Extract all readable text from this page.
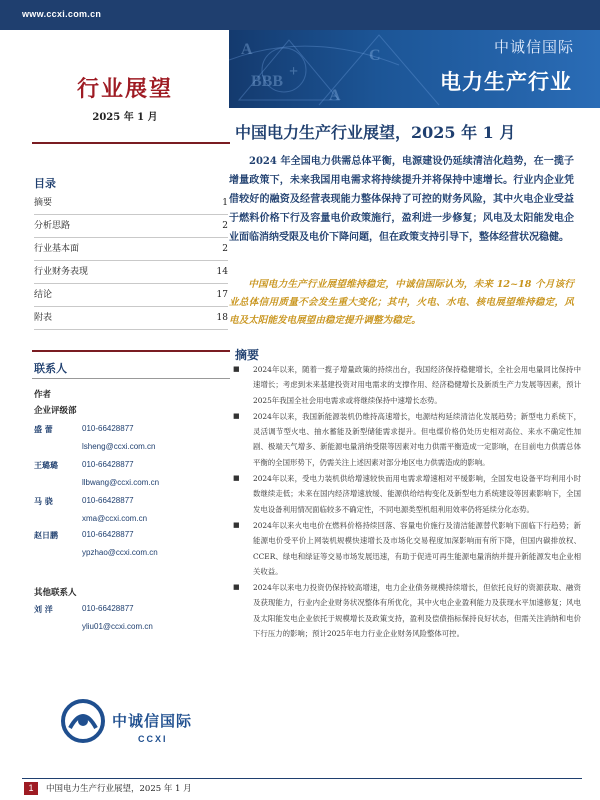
www.ccxi.com.cn
A
+
BBB
A
C	中诚信国际
电力生产行业
行业展望
2025 年 1 月
目录
摘要	1
分析思路	2
行业基本面	2
行业财务表现	14
结论	17
附表	18
联系人
作者
企业评级部
盛 蕾	010-66428877
lsheng@ccxi.com.cn
王璐璐	010-66428877
llbwang@ccxi.com.cn
马 骁	010-66428877
xma@ccxi.com.cn
赵日鹏	010-66428877
ypzhao@ccxi.com.cn
其他联系人
刘 洋	010-66428877
yliu01@ccxi.com.cn
中诚信国际
CCXI
中国电力生产行业展望，2025 年 1 月

2024 年全国电力供需总体平衡，电源建设仍延续清洁化趋势，在一揽子增量政策下，未来我国用电需求将持续提升并将保持中速增长。行业内企业凭借较好的融资及经营表现能力整体保持了可控的财务风险，其中火电企业受益于燃料价格下行及容量电价政策施行，盈利进一步修复；风电及太阳能发电企业面临消纳受限及电价下降问题，但在政策支持引导下，整体经营状况稳健。

中国电力生产行业展望维持稳定，中诚信国际认为，未来 12~18 个月该行业总体信用质量不会发生重大变化；其中，火电、水电、核电展望维持稳定，风电及太阳能发电展望由稳定提升调整为稳定。

摘要

■ 2024年以来，随着一揽子增量政策的持续出台，我国经济保持稳健增长，全社会用电量同比保持中速增长；考虑到未来基建投资对用电需求的支撑作用、经济稳健增长及新质生产力发展等因素，预计2025年我国全社会用电需求或将继续保持中速增长态势。

■ 2024年以来，我国新能源装机仍维持高速增长，电源结构延续清洁化发展趋势；新型电力系统下，灵活调节型火电、抽水蓄能及新型储能需求提升。但电煤价格仍处历史相对高位、来水不确定性加剧、极端天气增多、新能源电量消纳受限等因素对电力供需平衡造成一定影响，在目前电力供需总体平衡的全国形势下，仍需关注上述因素对部分地区电力供需造成的影响。

■ 2024年以来，受电力装机供给增速较快而用电需求增速相对平缓影响，全国发电设备平均利用小时数继续走低；未来在国内经济增速放缓、能源供给结构变化及新型电力系统建设等因素影响下，全国发电设备利用情况面临较多不确定性，不同电源类型机组利用效率仍将延续分化态势。

■ 2024年以来火电电价在燃料价格持续回落、容量电价施行及清洁能源替代影响下面临下行趋势；新能源电价受平价上网装机规模快速增长及市场化交易程度加深影响而有所下降，但国内碳排放权、CCER、绿电和绿证等交易市场发展迅速，有助于促进可再生能源电量消纳并提升新能源发电企业相关收益。

■ 2024年以来电力投资仍保持较高增速，电力企业债务规模持续增长，但依托良好的资源获取、融资及获现能力，行业内企业财务状况整体有所优化，其中火电企业盈利能力及获现水平加速修复；风电及太阳能发电企业依托于规模增长及政策支持，盈利及偿债指标保持良好状态，但需关注消纳和电价下行压力的影响；预计2025年电力行业企业财务风险整体可控。

1	中国电力生产行业展望，2025 年 1 月
